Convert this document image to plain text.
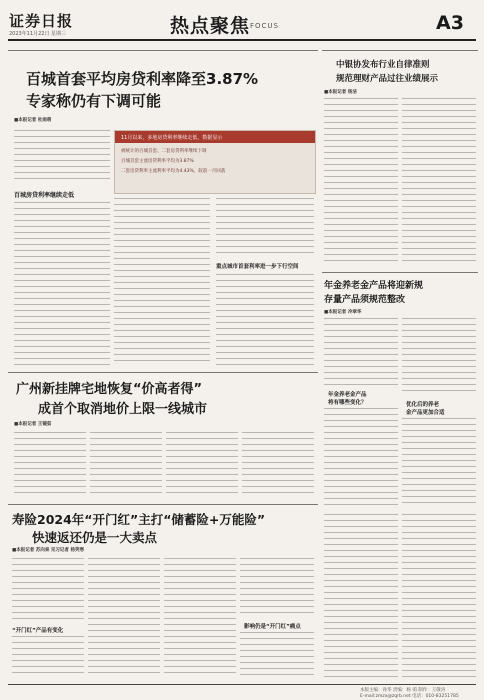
证券日报
2023年11月22日 星期三	热点聚焦 FOCUS	A3
百城首套平均房贷利率降至3.87%
专家称仍有下调可能
■本报记者 杜雨萌
百城房贷利率继续走低
11月以来，多地房贷利率继续走低，数据显示
被统计的百城首套、二套房贷利率继续下调
百城首套主流房贷利率平均为3.87%
二套房贷利率主流利率平均为4.43%，较前一月回落
重点城市首套利率进一步下行空间
中银协发布行业自律准则
规范理财产品过往业绩展示
■本报记者 杨洁
年金养老金产品将迎新规
存量产品须规范整改
■本报记者 冷翠华
年金养老金产品
将有哪些变化？	优化后的养老
金产品更加合适
广州新挂牌宅地恢复“价高者得”
成首个取消地价上限一线城市
■本报记者 王镜茹
寿险2024年“开门红”主打“储蓄险+万能险”
快速返还仍是一大卖点
■本报记者 苏向杲 见习记者 杨笑寒
“开门红”产品有变化
影响仍是“开门红”痛点
本版主编：孙华 责编：杨 萌 制作：王敬涛
E-mail:zmzx@zqrb.net 电话：010-83251785
